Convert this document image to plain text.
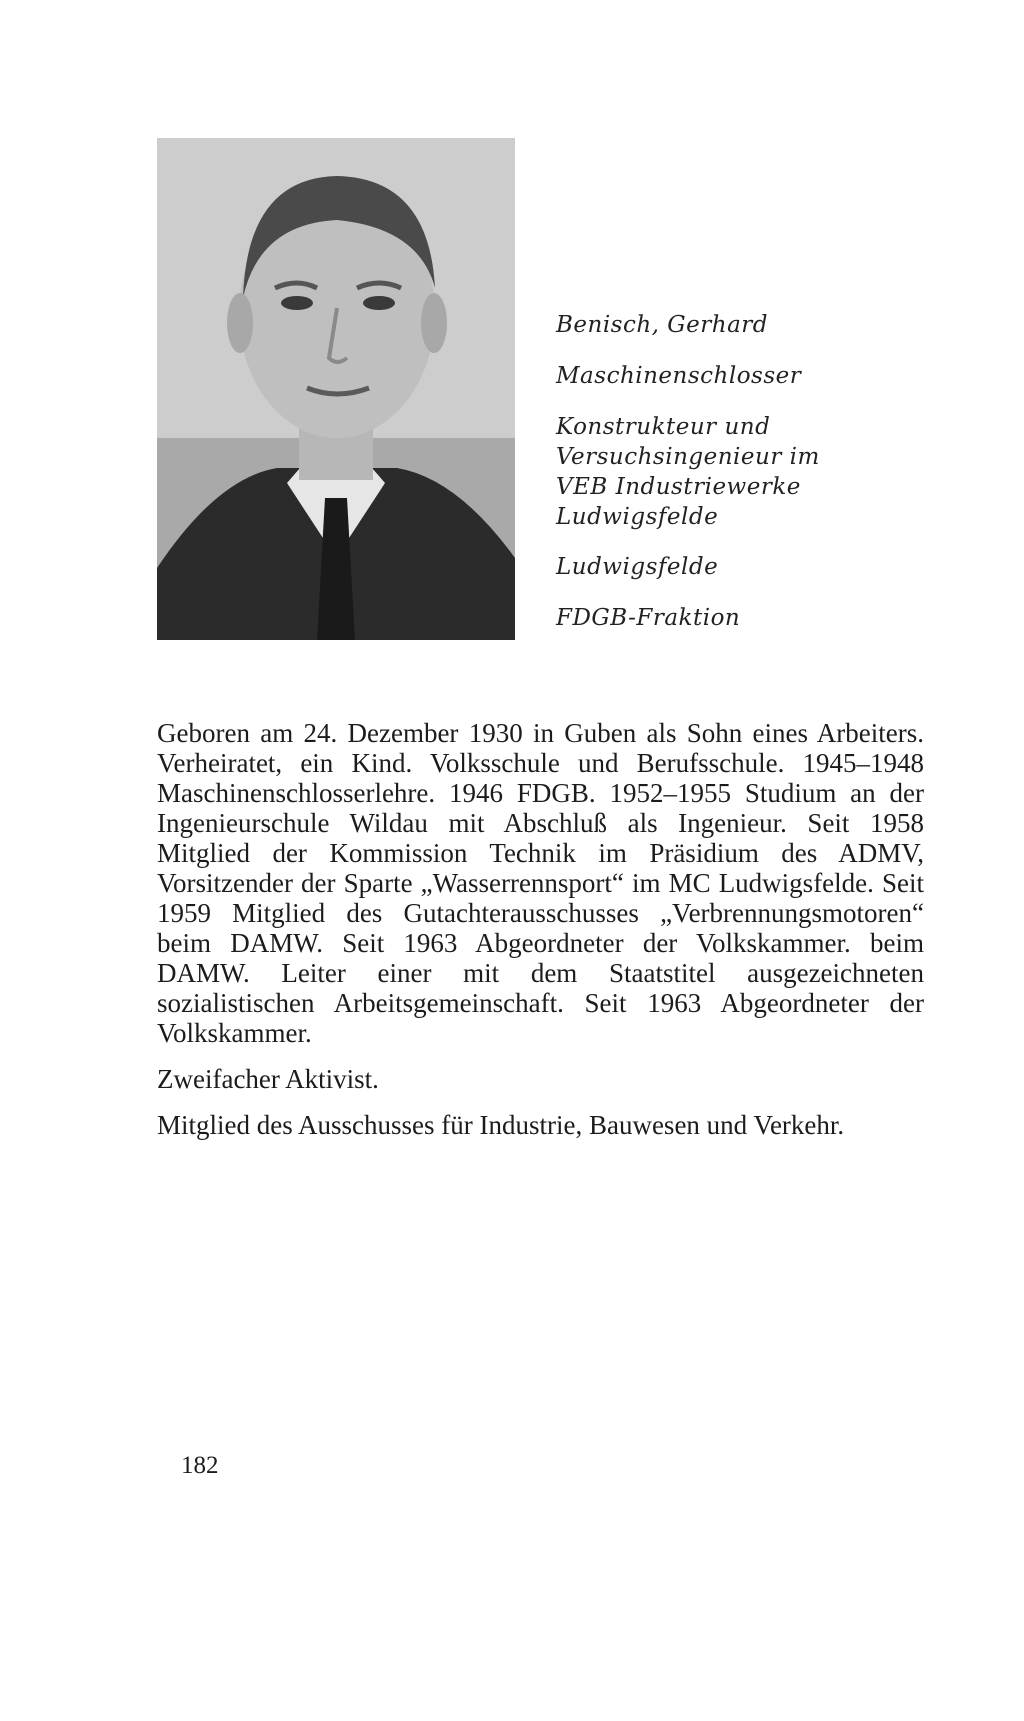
Benisch, Gerhard
Maschinenschlosser
Konstrukteur und
Versuchsingenieur im
VEB Industriewerke
Ludwigsfelde
Ludwigsfelde
FDGB-Fraktion

Geboren am 24. Dezember 1930 in Guben als Sohn eines Arbeiters. Verheiratet, ein Kind. Volksschule und Berufsschule. 1945–1948 Maschinenschlosserlehre. 1946 FDGB. 1952–1955 Studium an der Ingenieurschule Wildau mit Abschluß als Ingenieur. Seit 1958 Mitglied der Kommission Technik im Präsidium des ADMV, Vorsitzender der Sparte „Wasserrennsport“ im MC Ludwigsfelde. Seit 1959 Mitglied des Gutachterausschusses „Verbrennungsmotoren“ beim DAMW. Seit 1963 Abgeordneter der Volkskammer. beim DAMW. Leiter einer mit dem Staatstitel ausgezeichneten sozialistischen Arbeitsgemeinschaft. Seit 1963 Abgeordneter der Volkskammer.

Zweifacher Aktivist.

Mitglied des Ausschusses für Industrie, Bauwesen und Verkehr.

182
